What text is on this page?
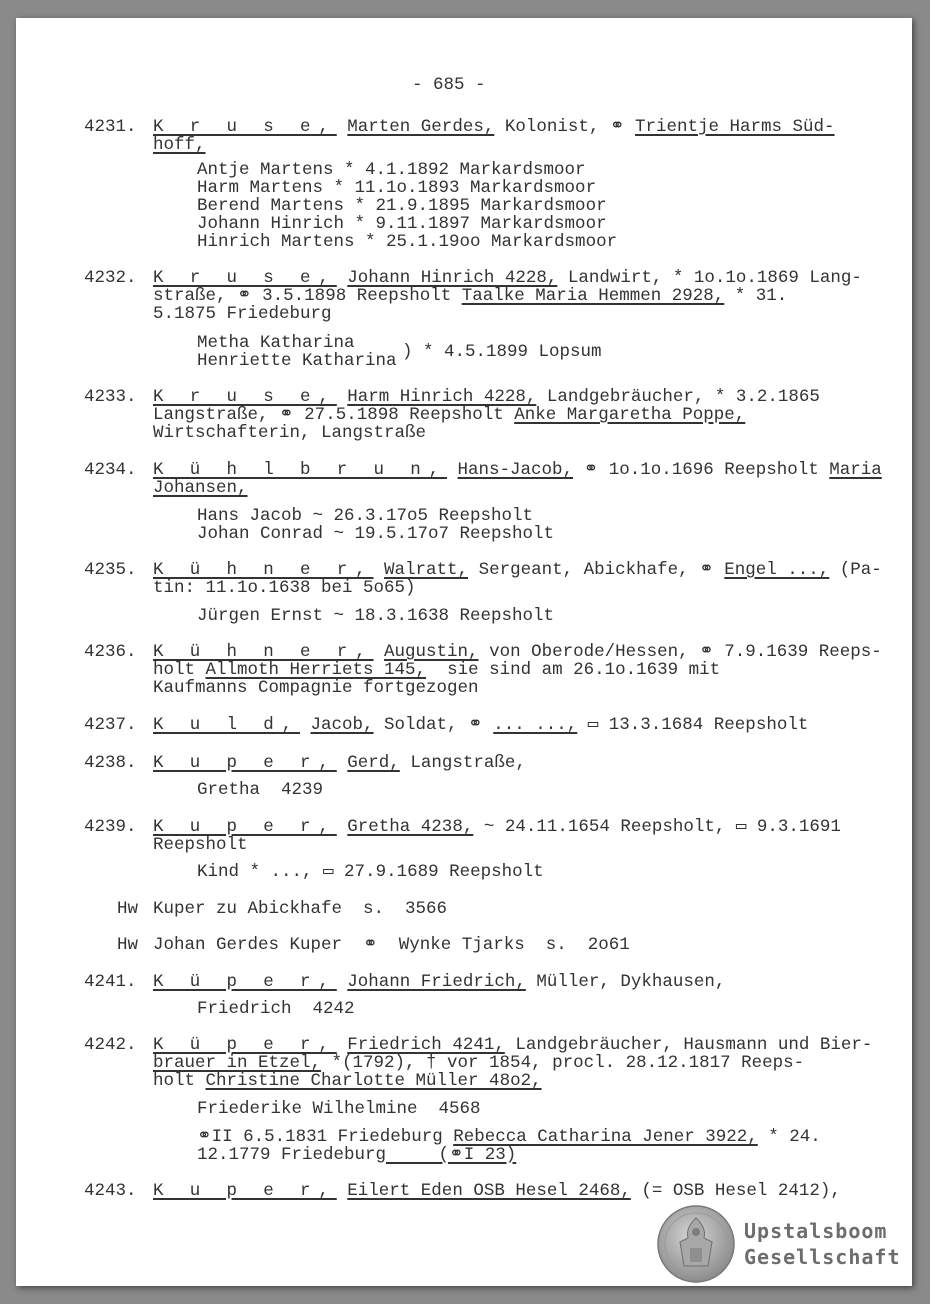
- 685 -
4231. K r u s e, Marten Gerdes, Kolonist, ⚭ Trientje Harms Süd-
hoff,
Antje Martens * 4.1.1892 Markardsmoor
Harm Martens * 11.1o.1893 Markardsmoor
Berend Martens * 21.9.1895 Markardsmoor
Johann Hinrich * 9.11.1897 Markardsmoor
Hinrich Martens * 25.1.19oo Markardsmoor
4232. K r u s e, Johann Hinrich 4228, Landwirt, * 1o.1o.1869 Lang-
straße, ⚭ 3.5.1898 Reepsholt Taalke Maria Hemmen 2928, * 31.
5.1875 Friedeburg
Metha Katharina
Henriette Katharina ) * 4.5.1899 Lopsum
4233. K r u s e, Harm Hinrich 4228, Landgebräucher, * 3.2.1865
Langstraße, ⚭ 27.5.1898 Reepsholt Anke Margaretha Poppe,
Wirtschafterin, Langstraße
4234. K ü h l b r u n, Hans-Jacob, ⚭ 1o.1o.1696 Reepsholt Maria
Johansen,
Hans Jacob ~ 26.3.17o5 Reepsholt
Johan Conrad ~ 19.5.17o7 Reepsholt
4235. K ü h n e r, Walratt, Sergeant, Abickhafe, ⚭ Engel ..., (Pa-
tin: 11.1o.1638 bei 5o65)
Jürgen Ernst ~ 18.3.1638 Reepsholt
4236. K ü h n e r, Augustin, von Oberode/Hessen, ⚭ 7.9.1639 Reeps-
holt Allmoth Herriets 145,  sie sind am 26.1o.1639 mit
Kaufmanns Compagnie fortgezogen
4237. K u l d, Jacob, Soldat, ⚭ ... ..., ▭ 13.3.1684 Reepsholt
4238. K u p e r, Gerd, Langstraße,
Gretha  4239
4239. K u p e r, Gretha 4238, ~ 24.11.1654 Reepsholt, ▭ 9.3.1691
Reepsholt
Kind * ..., ▭ 27.9.1689 Reepsholt
Hw Kuper zu Abickhafe  s.  3566
Hw Johan Gerdes Kuper  ⚭  Wynke Tjarks  s.  2o61
4241. K ü p e r, Johann Friedrich, Müller, Dykhausen,
Friedrich  4242
4242. K ü p e r, Friedrich 4241, Landgebräucher, Hausmann und Bier-
brauer in Etzel, *(1792), † vor 1854, procl. 28.12.1817 Reeps-
holt Christine Charlotte Müller 48o2,
Friederike Wilhelmine  4568
⚭II 6.5.1831 Friedeburg Rebecca Catharina Jener 3922, * 24.
12.1779 Friedeburg     (⚭I 23)
4243. K u p e r, Eilert Eden OSB Hesel 2468, (= OSB Hesel 2412),
Upstalsboom
Gesellschaft
